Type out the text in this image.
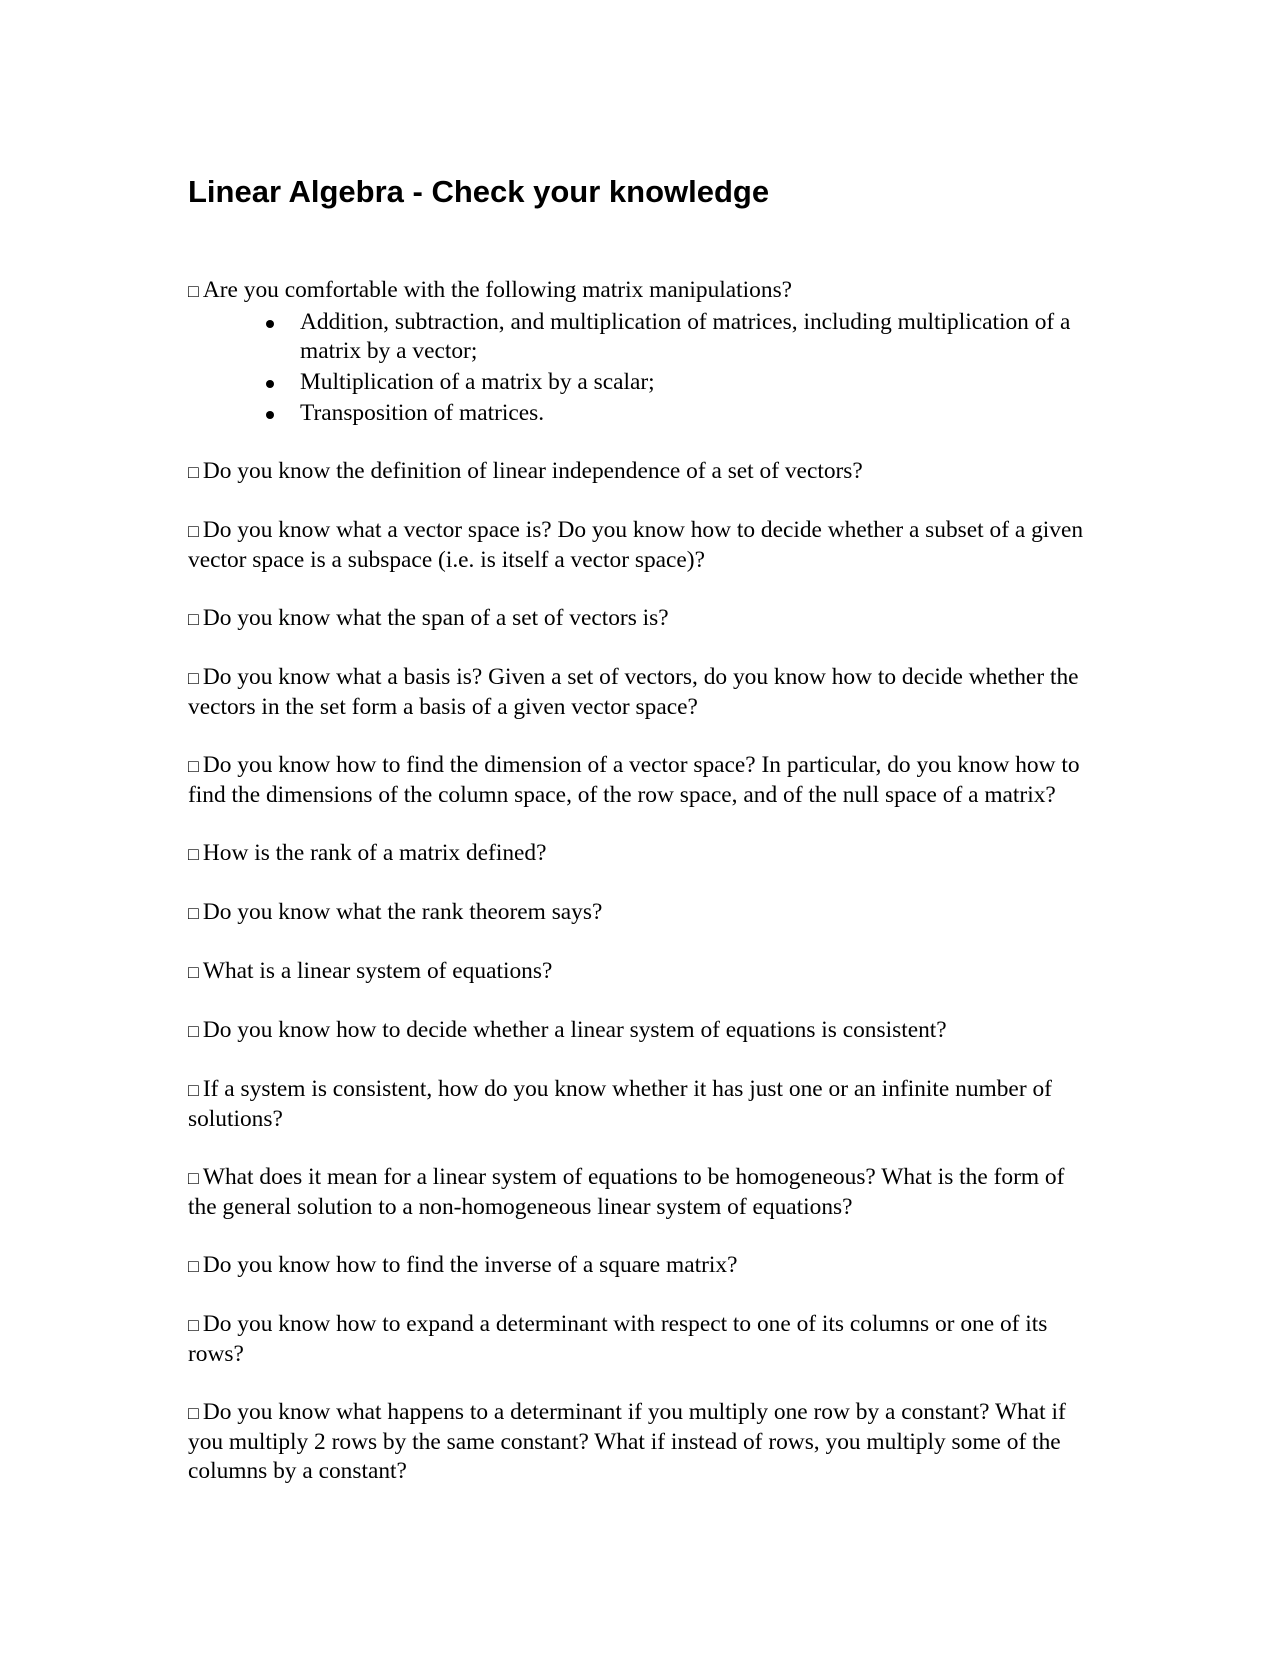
Linear Algebra - Check your knowledge

□ Are you comfortable with the following matrix manipulations?

Addition, subtraction, and multiplication of matrices, including multiplication of a matrix by a vector;
Multiplication of a matrix by a scalar;
Transposition of matrices.

□ Do you know the definition of linear independence of a set of vectors?

□ Do you know what a vector space is? Do you know how to decide whether a subset of a given vector space is a subspace (i.e. is itself a vector space)?

□ Do you know what the span of a set of vectors is?

□ Do you know what a basis is? Given a set of vectors, do you know how to decide whether the vectors in the set form a basis of a given vector space?

□ Do you know how to find the dimension of a vector space? In particular, do you know how to find the dimensions of the column space, of the row space, and of the null space of a matrix?

□ How is the rank of a matrix defined?

□ Do you know what the rank theorem says?

□ What is a linear system of equations?

□ Do you know how to decide whether a linear system of equations is consistent?

□ If a system is consistent, how do you know whether it has just one or an infinite number of solutions?

□ What does it mean for a linear system of equations to be homogeneous? What is the form of the general solution to a non-homogeneous linear system of equations?

□ Do you know how to find the inverse of a square matrix?

□ Do you know how to expand a determinant with respect to one of its columns or one of its rows?

□ Do you know what happens to a determinant if you multiply one row by a constant? What if you multiply 2 rows by the same constant? What if instead of rows, you multiply some of the columns by a constant?
